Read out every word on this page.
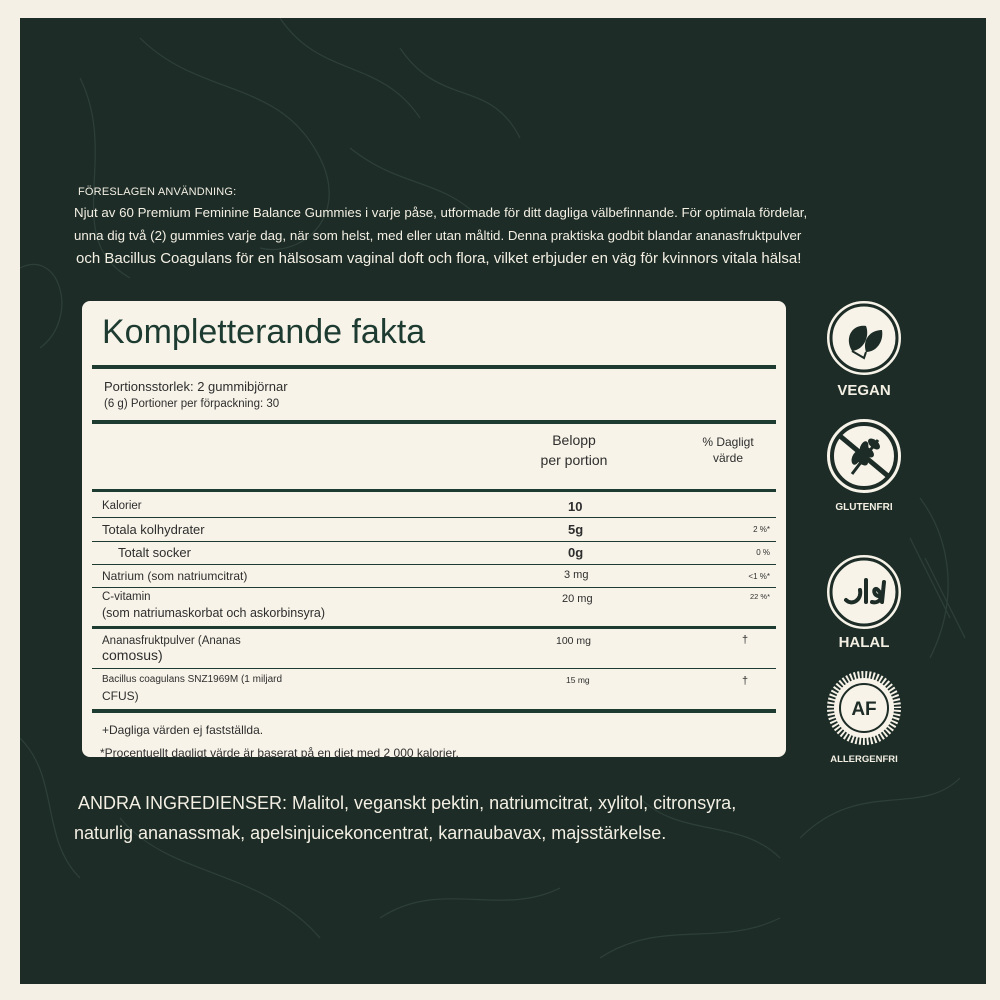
FÖRESLAGEN ANVÄNDNING:
Njut av 60 Premium Feminine Balance Gummies i varje påse, utformade för ditt dagliga välbefinnande. För optimala fördelar,
unna dig två (2) gummies varje dag, när som helst, med eller utan måltid. Denna praktiska godbit blandar ananasfruktpulver
och Bacillus Coagulans för en hälsosam vaginal doft och flora, vilket erbjuder en väg för kvinnors vitala hälsa!
Kompletterande fakta
Portionsstorlek: 2 gummibjörnar
(6 g) Portioner per förpackning: 30
Belopp
per portion
% Dagligt
värde
Kalorier	10
Totala kolhydrater	5g	2 %*
Totalt socker	0g	0 %
Natrium (som natriumcitrat)	3 mg	<1 %*
C-vitamin
(som natriumaskorbat och askorbinsyra)
20 mg	22 %*
Ananasfruktpulver (Ananas
comosus)
100 mg	†
Bacillus coagulans SNZ1969M (1 miljard
CFUS)
15 mg	†
+Dagliga värden ej fastställda.
*Procentuellt dagligt värde är baserat på en diet med 2 000 kalorier.
VEGAN
GLUTENFRI
HALAL
AF
ALLERGENFRI
ANDRA INGREDIENSER: Malitol, veganskt pektin, natriumcitrat, xylitol, citronsyra,
naturlig ananassmak, apelsinjuicekoncentrat, karnaubavax, majsstärkelse.
